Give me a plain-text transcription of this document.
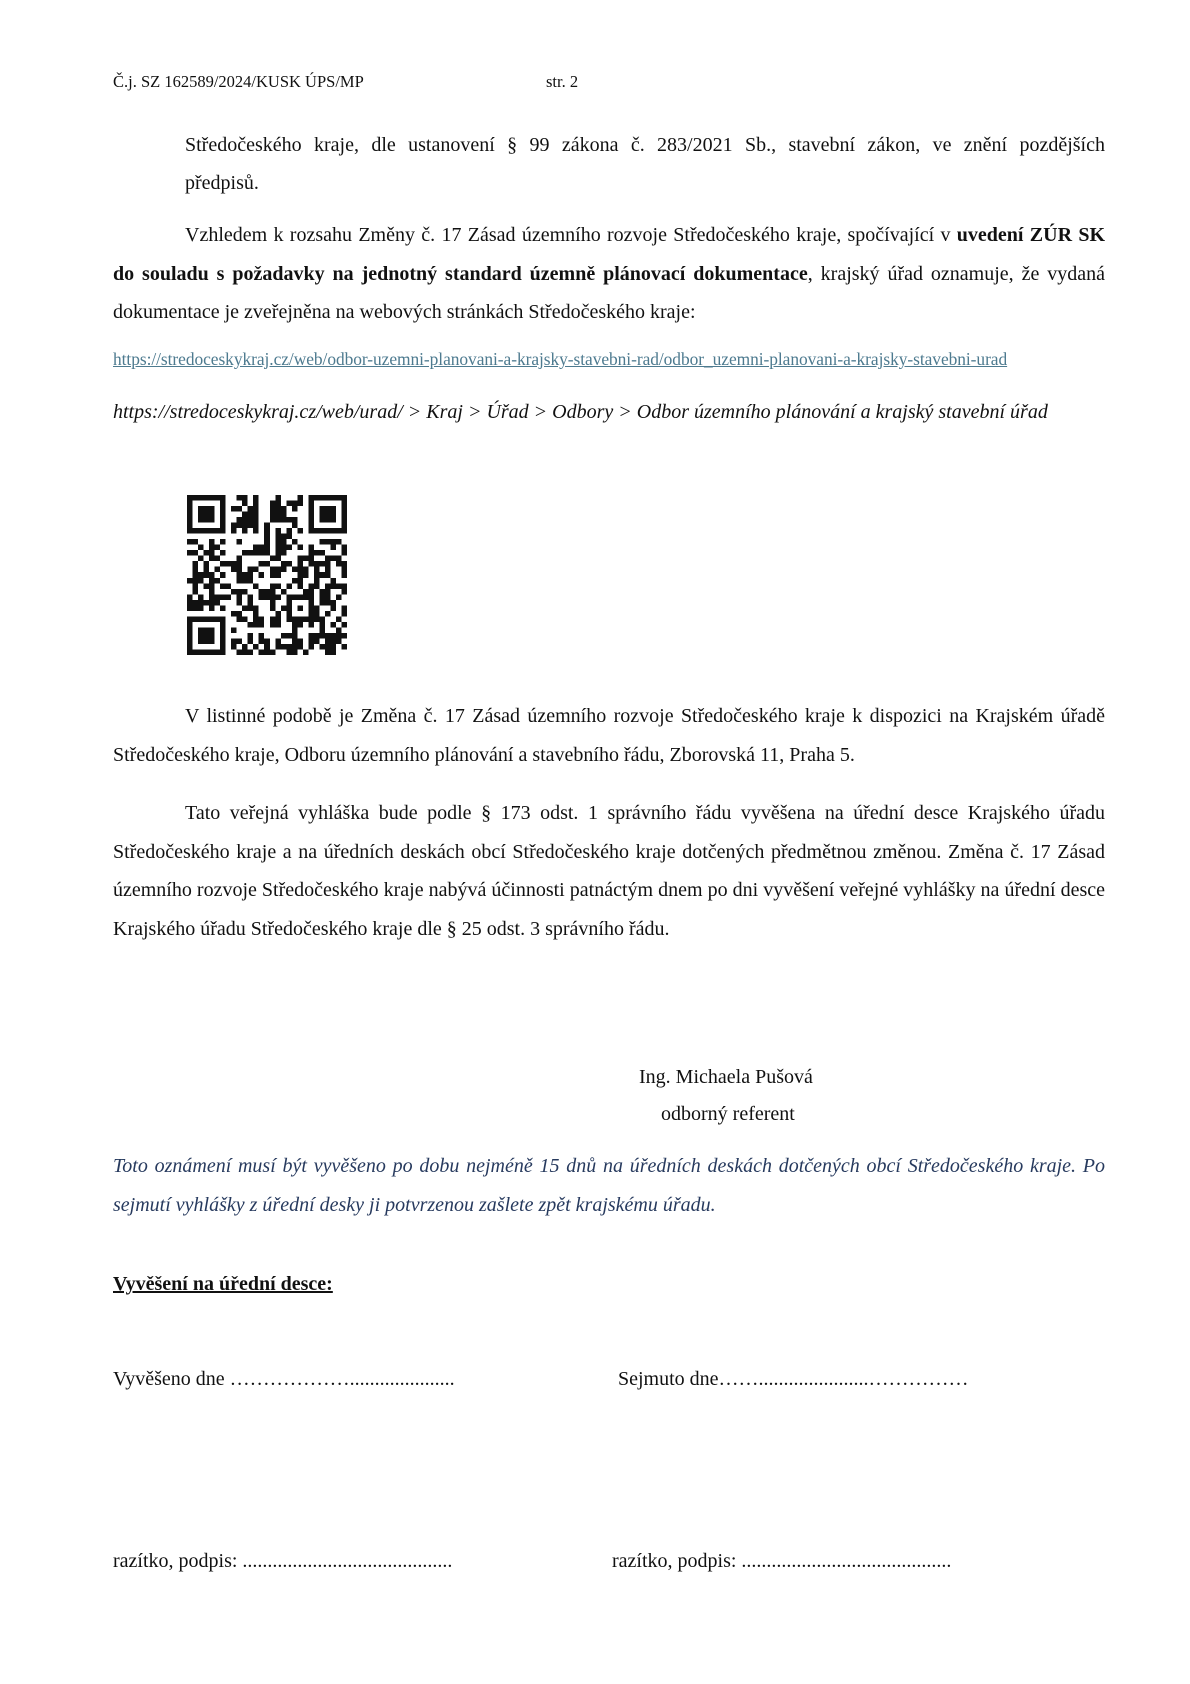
Č.j. SZ 162589/2024/KUSK ÚPS/MP	str. 2
Středočeského kraje, dle ustanovení § 99 zákona č. 283/2021 Sb., stavební zákon, ve znění pozdějších
předpisů.
Vzhledem k rozsahu Změny č. 17 Zásad územního rozvoje Středočeského kraje, spočívající v uvedení ZÚR SK do souladu s požadavky na jednotný standard územně plánovací dokumentace, krajský úřad oznamuje, že vydaná dokumentace je zveřejněna na webových stránkách Středočeského kraje:
https://stredoceskykraj.cz/web/odbor-uzemni-planovani-a-krajsky-stavebni-rad/odbor_uzemni-planovani-a-krajsky-stavebni-urad
https://stredoceskykraj.cz/web/urad/ > Kraj > Úřad > Odbory > Odbor územního plánování a krajský stavební úřad
V listinné podobě je Změna č. 17 Zásad územního rozvoje Středočeského kraje k dispozici na Krajském úřadě Středočeského kraje, Odboru územního plánování a stavebního řádu, Zborovská 11, Praha 5.
Tato veřejná vyhláška bude podle § 173 odst. 1 správního řádu vyvěšena na úřední desce Krajského úřadu Středočeského kraje a na úředních deskách obcí Středočeského kraje dotčených předmětnou změnou. Změna č. 17 Zásad územního rozvoje Středočeského kraje nabývá účinnosti patnáctým dnem po dni vyvěšení veřejné vyhlášky na úřední desce Krajského úřadu Středočeského kraje dle § 25 odst. 3 správního řádu.
Ing. Michaela Pušová
odborný referent
Toto oznámení musí být vyvěšeno po dobu nejméně 15 dnů na úředních deskách dotčených obcí Středočeského kraje. Po sejmutí vyhlášky z úřední desky ji potvrzenou zašlete zpět krajskému úřadu.
Vyvěšení na úřední desce:
Vyvěšeno dne ……………….....................	Sejmuto dne……......................……………
razítko, podpis: ..........................................	razítko, podpis: ..........................................
